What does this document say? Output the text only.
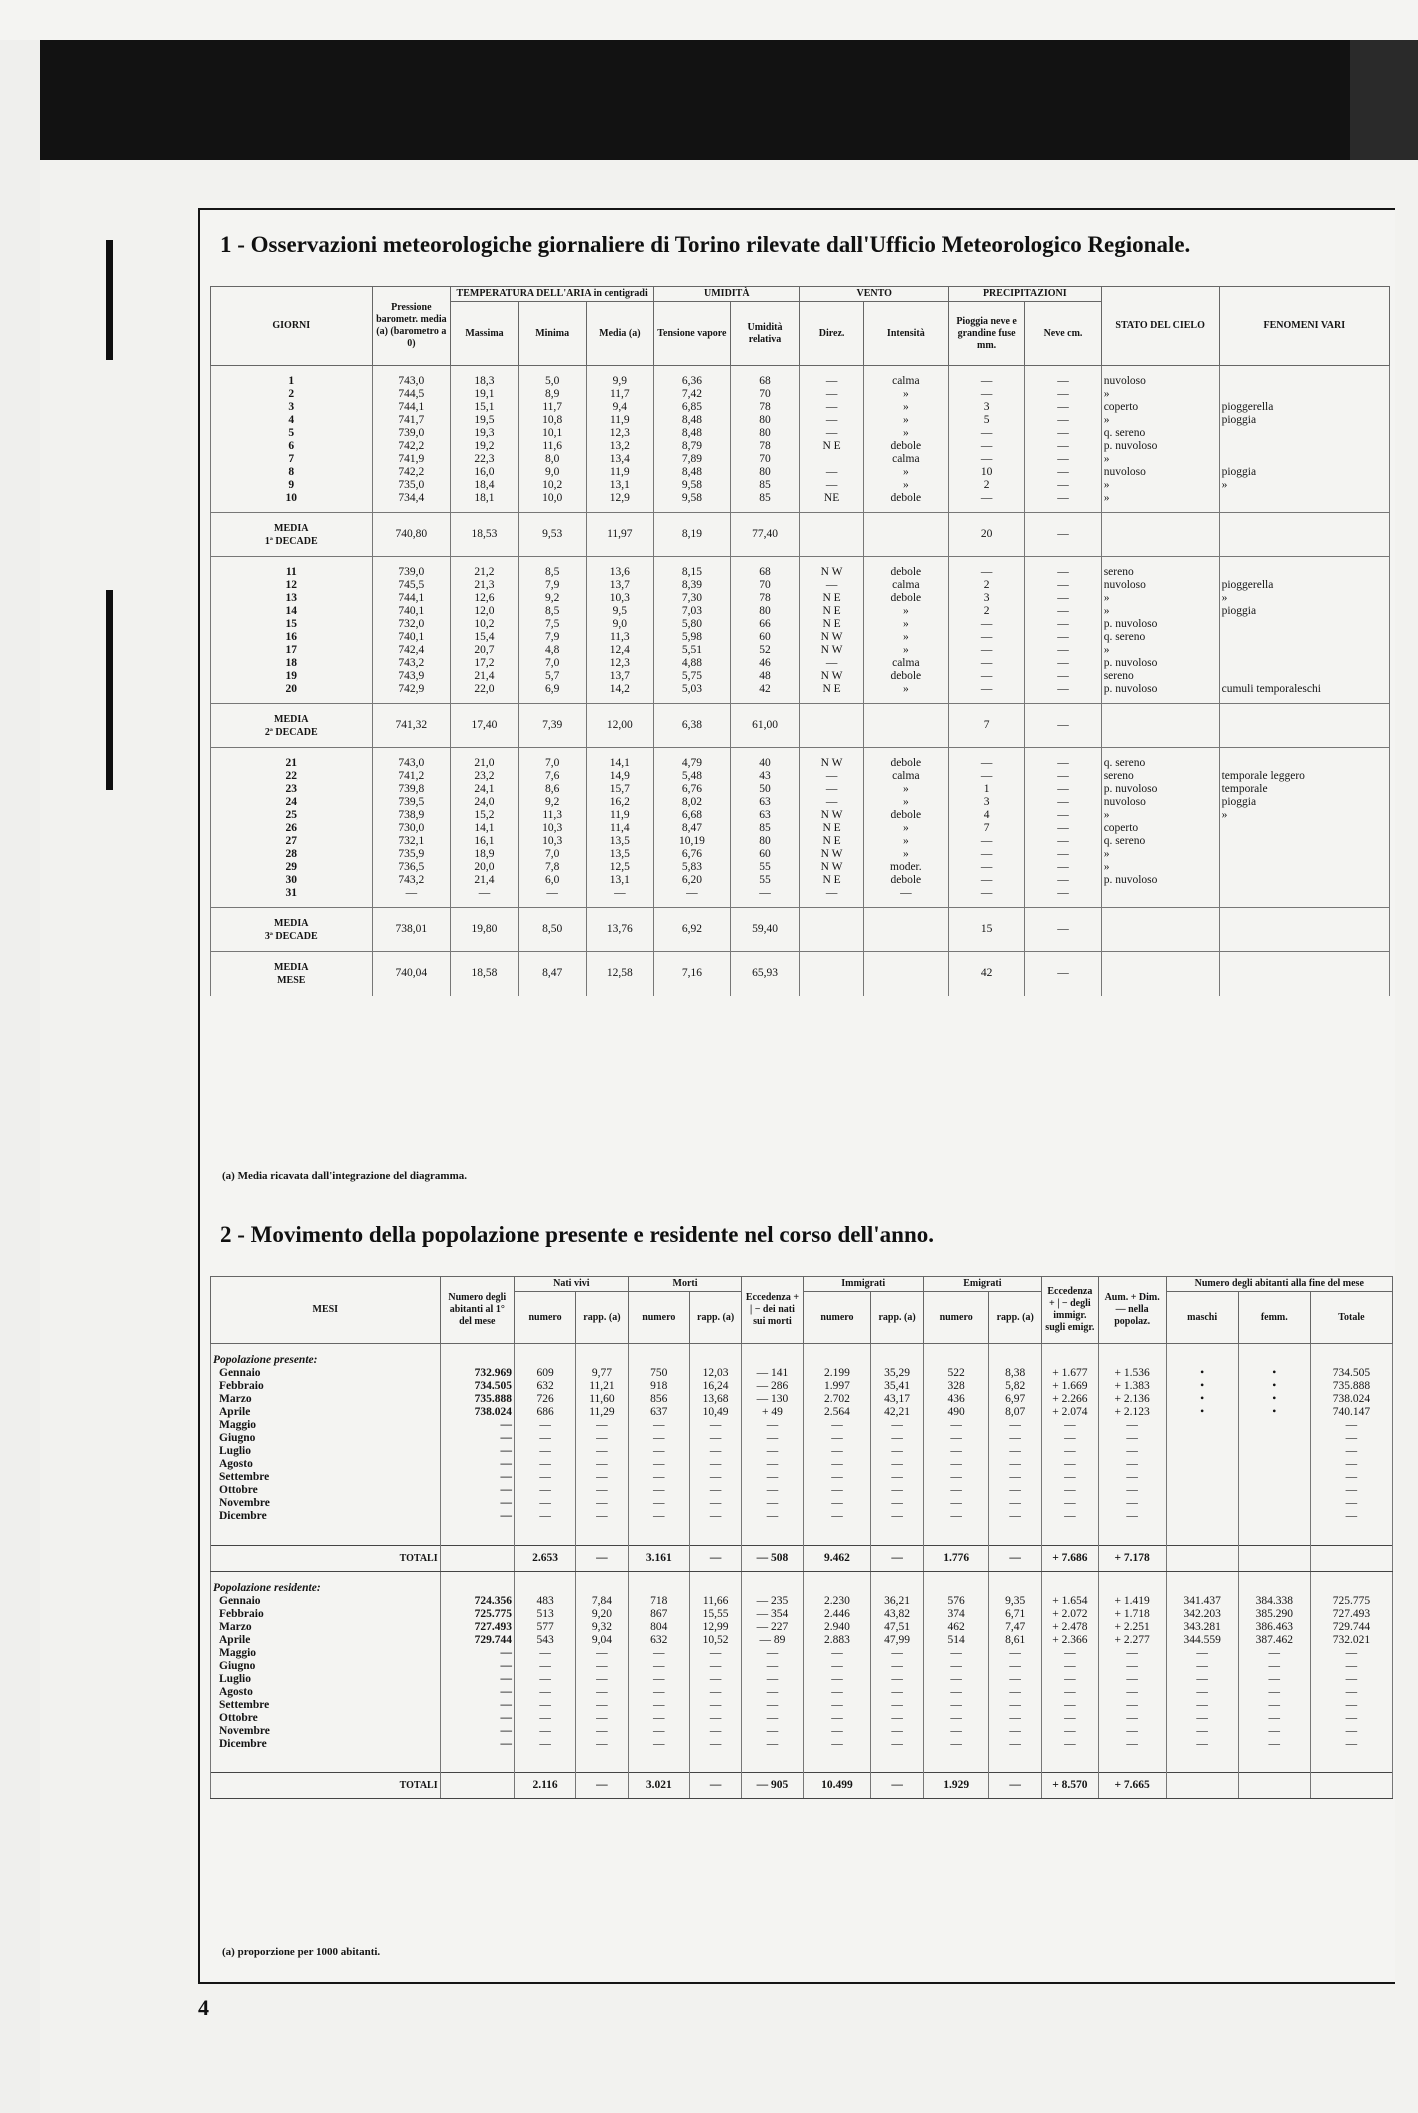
1 - Osservazioni meteorologiche giornaliere di Torino rilevate dall'Ufficio Meteorologico Regionale.
GIORNI	Pressione barometr. media (a) (barometro a 0)	TEMPERATURA DELL'ARIA in centigradi			UMIDITÀ		VENTO		PRECIPITAZIONI		STATO DEL CIELO	FENOMENI VARI
		Massima	Minima	Media (a)	Tensione vapore	Umidità relativa	Direz.	Intensità	Pioggia neve e grandine fuse mm.	Neve cm.		
1	743,0	18,3	5,0	9,9	6,36	68	—	calma	—	—	nuvoloso	
2	744,5	19,1	8,9	11,7	7,42	70	—	»	—	—	»	
3	744,1	15,1	11,7	9,4	6,85	78	—	»	3	—	coperto	pioggerella
4	741,7	19,5	10,8	11,9	8,48	80	—	»	5	—	»	pioggia
5	739,0	19,3	10,1	12,3	8,48	80	—	»	—	—	q. sereno	
6	742,2	19,2	11,6	13,2	8,79	78	N E	debole	—	—	p. nuvoloso	
7	741,9	22,3	8,0	13,4	7,89	70		calma	—	—	»	
8	742,2	16,0	9,0	11,9	8,48	80	—	»	10	—	nuvoloso	pioggia
9	735,0	18,4	10,2	13,1	9,58	85	—	»	2	—	»	»
10	734,4	18,1	10,0	12,9	9,58	85	NE	debole	—	—	»	

MEDIA
1ª DECADE	740,80	18,53	9,53	11,97	8,19	77,40			20	—		
11	739,0	21,2	8,5	13,6	8,15	68	N W	debole	—	—	sereno	
12	745,5	21,3	7,9	13,7	8,39	70	—	calma	2	—	nuvoloso	pioggerella
13	744,1	12,6	9,2	10,3	7,30	78	N E	debole	3	—	»	»
14	740,1	12,0	8,5	9,5	7,03	80	N E	»	2	—	»	pioggia
15	732,0	10,2	7,5	9,0	5,80	66	N E	»	—	—	p. nuvoloso	
16	740,1	15,4	7,9	11,3	5,98	60	N W	»	—	—	q. sereno	
17	742,4	20,7	4,8	12,4	5,51	52	N W	»	—	—	»	
18	743,2	17,2	7,0	12,3	4,88	46	—	calma	—	—	p. nuvoloso	
19	743,9	21,4	5,7	13,7	5,75	48	N W	debole	—	—	sereno	
20	742,9	22,0	6,9	14,2	5,03	42	N E	»	—	—	p. nuvoloso	cumuli temporaleschi

MEDIA
2ª DECADE	741,32	17,40	7,39	12,00	6,38	61,00			7	—		
21	743,0	21,0	7,0	14,1	4,79	40	N W	debole	—	—	q. sereno	
22	741,2	23,2	7,6	14,9	5,48	43	—	calma	—	—	sereno	temporale leggero
23	739,8	24,1	8,6	15,7	6,76	50	—	»	1	—	p. nuvoloso	temporale
24	739,5	24,0	9,2	16,2	8,02	63	—	»	3	—	nuvoloso	pioggia
25	738,9	15,2	11,3	11,9	6,68	63	N W	debole	4	—	»	»
26	730,0	14,1	10,3	11,4	8,47	85	N E	»	7	—	coperto	
27	732,1	16,1	10,3	13,5	10,19	80	N E	»	—	—	q. sereno	
28	735,9	18,9	7,0	13,5	6,76	60	N W	»	—	—	»	
29	736,5	20,0	7,8	12,5	5,83	55	N W	moder.	—	—	»	
30	743,2	21,4	6,0	13,1	6,20	55	N E	debole	—	—	p. nuvoloso	
31	—	—	—	—	—	—	—	—	—	—		

MEDIA
3ª DECADE	738,01	19,80	8,50	13,76	6,92	59,40			15	—		

MEDIA
MESE	740,04	18,58	8,47	12,58	7,16	65,93			42	—		
(a) Media ricavata dall'integrazione del diagramma.
2 - Movimento della popolazione presente e residente nel corso dell'anno.
MESI	Numero degli abitanti al 1° del mese	Nati vivi		Morti		Eccedenza + | − dei nati sui morti	Immigrati		Emigrati		Eccedenza + | − degli immigr. sugli emigr.	Aum. + Dim. — nella popolaz.	Numero degli abitanti alla fine del mese		
		numero	rapp. (a)	numero	rapp. (a)		numero	rapp. (a)	numero	rapp. (a)			maschi	femm.	Totale
Popolazione presente:															
Gennaio	732.969	609	9,77	750	12,03	— 141	2.199	35,29	522	8,38	+ 1.677	+ 1.536	•	•	734.505
Febbraio	734.505	632	11,21	918	16,24	— 286	1.997	35,41	328	5,82	+ 1.669	+ 1.383	•	•	735.888
Marzo	735.888	726	11,60	856	13,68	— 130	2.702	43,17	436	6,97	+ 2.266	+ 2.136	•	•	738.024
Aprile	738.024	686	11,29	637	10,49	+ 49	2.564	42,21	490	8,07	+ 2.074	+ 2.123	•	•	740.147
Maggio	—	—	—	—	—	—	—	—	—	—	—	—			—
Giugno	—	—	—	—	—	—	—	—	—	—	—	—			—
Luglio	—	—	—	—	—	—	—	—	—	—	—	—			—
Agosto	—	—	—	—	—	—	—	—	—	—	—	—			—
Settembre	—	—	—	—	—	—	—	—	—	—	—	—			—
Ottobre	—	—	—	—	—	—	—	—	—	—	—	—			—
Novembre	—	—	—	—	—	—	—	—	—	—	—	—			—
Dicembre	—	—	—	—	—	—	—	—	—	—	—	—			—

TOTALI		2.653	—	3.161	—	— 508	9.462	—	1.776	—	+ 7.686	+ 7.178			
Popolazione residente:															
Gennaio	724.356	483	7,84	718	11,66	— 235	2.230	36,21	576	9,35	+ 1.654	+ 1.419	341.437	384.338	725.775
Febbraio	725.775	513	9,20	867	15,55	— 354	2.446	43,82	374	6,71	+ 2.072	+ 1.718	342.203	385.290	727.493
Marzo	727.493	577	9,32	804	12,99	— 227	2.940	47,51	462	7,47	+ 2.478	+ 2.251	343.281	386.463	729.744
Aprile	729.744	543	9,04	632	10,52	— 89	2.883	47,99	514	8,61	+ 2.366	+ 2.277	344.559	387.462	732.021
Maggio	—	—	—	—	—	—	—	—	—	—	—	—	—	—	—
Giugno	—	—	—	—	—	—	—	—	—	—	—	—	—	—	—
Luglio	—	—	—	—	—	—	—	—	—	—	—	—	—	—	—
Agosto	—	—	—	—	—	—	—	—	—	—	—	—	—	—	—
Settembre	—	—	—	—	—	—	—	—	—	—	—	—	—	—	—
Ottobre	—	—	—	—	—	—	—	—	—	—	—	—	—	—	—
Novembre	—	—	—	—	—	—	—	—	—	—	—	—	—	—	—
Dicembre	—	—	—	—	—	—	—	—	—	—	—	—	—	—	—

TOTALI		2.116	—	3.021	—	— 905	10.499	—	1.929	—	+ 8.570	+ 7.665			
(a) proporzione per 1000 abitanti.
4
